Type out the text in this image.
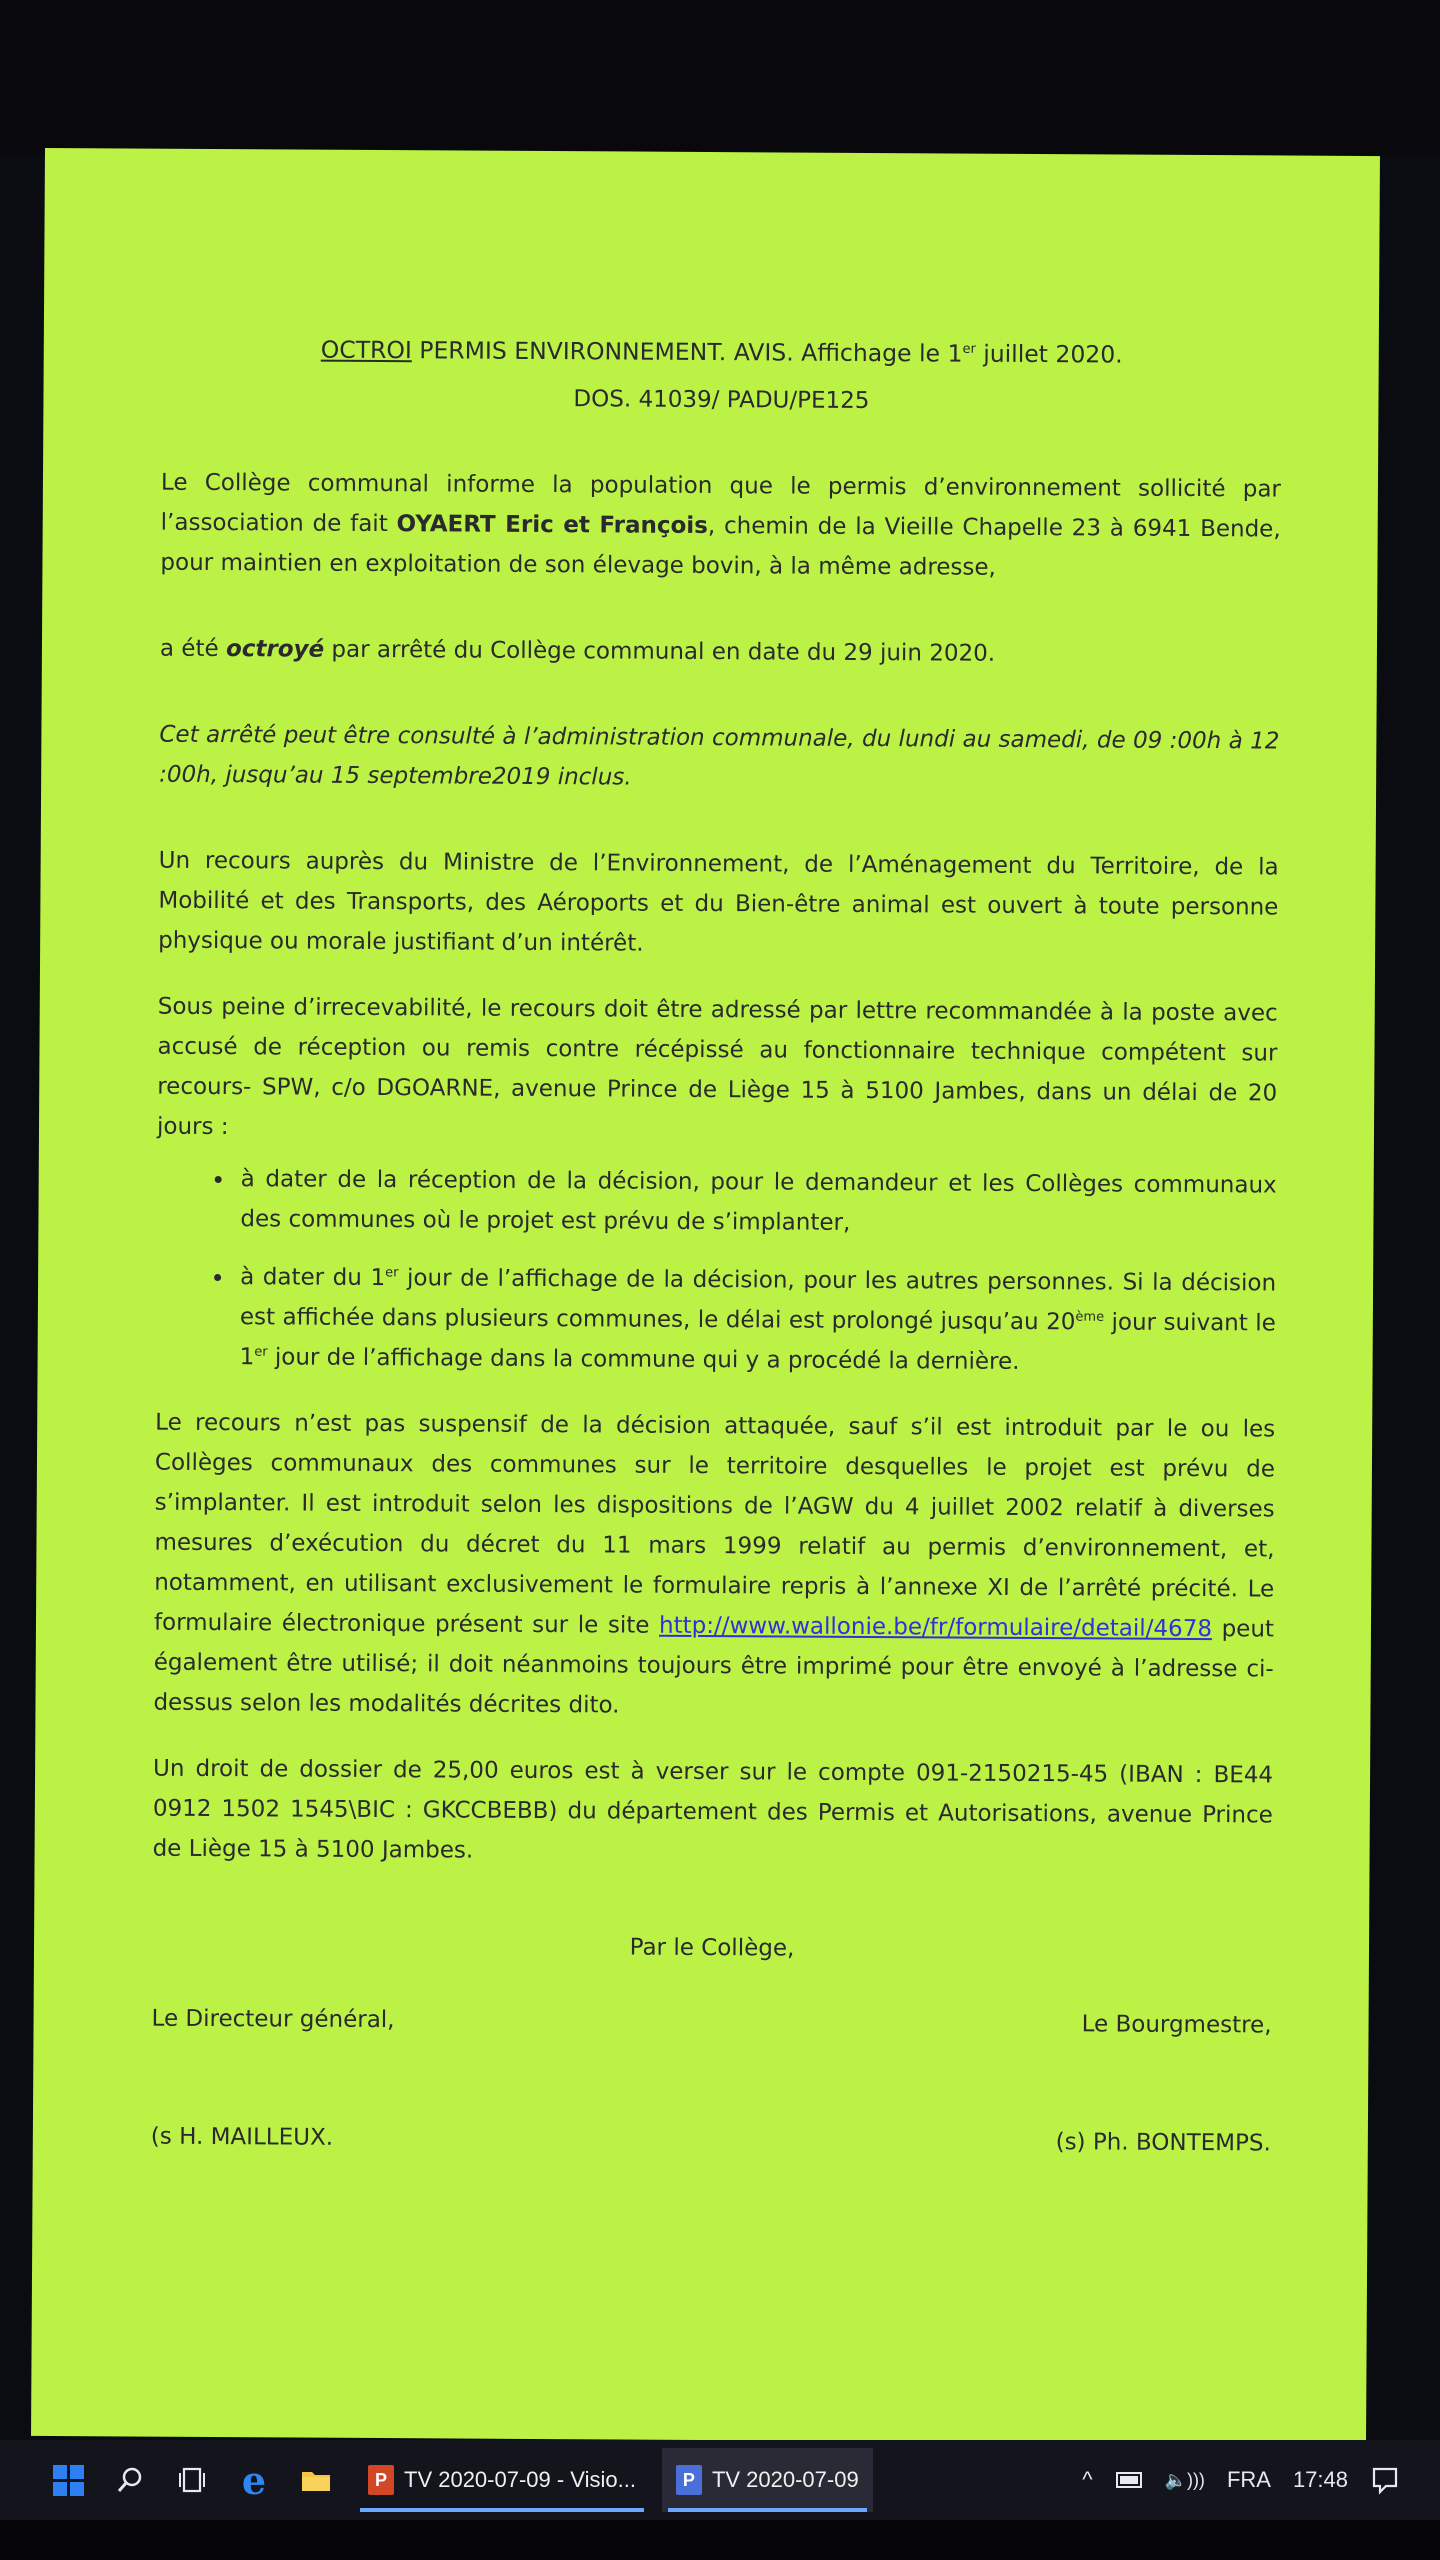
OCTROI PERMIS ENVIRONNEMENT. AVIS. Affichage le 1er juillet 2020.
DOS. 41039/ PADU/PE125

Le Collège communal informe la population que le permis d’environnement sollicité par l’association de fait OYAERT Eric et François, chemin de la Vieille Chapelle 23 à 6941 Bende, pour maintien en exploitation de son élevage bovin, à la même adresse,

a été octroyé par arrêté du Collège communal en date du 29 juin 2020.

Cet arrêté peut être consulté à l’administration communale, du lundi au samedi, de 09 :00h à 12 :00h, jusqu’au 15 septembre2019 inclus.

Un recours auprès du Ministre de l’Environnement, de l’Aménagement du Territoire, de la Mobilité et des Transports, des Aéroports et du Bien-être animal est ouvert à toute personne physique ou morale justifiant d’un intérêt.

Sous peine d’irrecevabilité, le recours doit être adressé par lettre recommandée à la poste avec accusé de réception ou remis contre récépissé au fonctionnaire technique compétent sur recours- SPW, c/o DGOARNE, avenue Prince de Liège 15 à 5100 Jambes, dans un délai de 20 jours :

• à dater de la réception de la décision, pour le demandeur et les Collèges communaux des communes où le projet est prévu de s’implanter,
• à dater du 1er jour de l’affichage de la décision, pour les autres personnes. Si la décision est affichée dans plusieurs communes, le délai est prolongé jusqu’au 20ème jour suivant le 1er jour de l’affichage dans la commune qui y a procédé la dernière.

Le recours n’est pas suspensif de la décision attaquée, sauf s’il est introduit par le ou les Collèges communaux des communes sur le territoire desquelles le projet est prévu de s’implanter. Il est introduit selon les dispositions de l’AGW du 4 juillet 2002 relatif à diverses mesures d’exécution du décret du 11 mars 1999 relatif au permis d’environnement, et, notamment, en utilisant exclusivement le formulaire repris à l’annexe XI de l’arrêté précité. Le formulaire électronique présent sur le site http://www.wallonie.be/fr/formulaire/detail/4678 peut également être utilisé; il doit néanmoins toujours être imprimé pour être envoyé à l’adresse ci-dessus selon les modalités décrites dito.

Un droit de dossier de 25,00 euros est à verser sur le compte 091-2150215-45 (IBAN : BE44 0912 1502 1545\BIC : GKCCBEBB) du département des Permis et Autorisations, avenue Prince de Liège 15 à 5100 Jambes.

Par le Collège,
Le Directeur général,	Le Bourgmestre,
(s H. MAILLEUX.	(s) Ph. BONTEMPS.
e	P TV 2020-07-09 - Visio...	P TV 2020-07-09	^	🔈))) FRA 17:48
